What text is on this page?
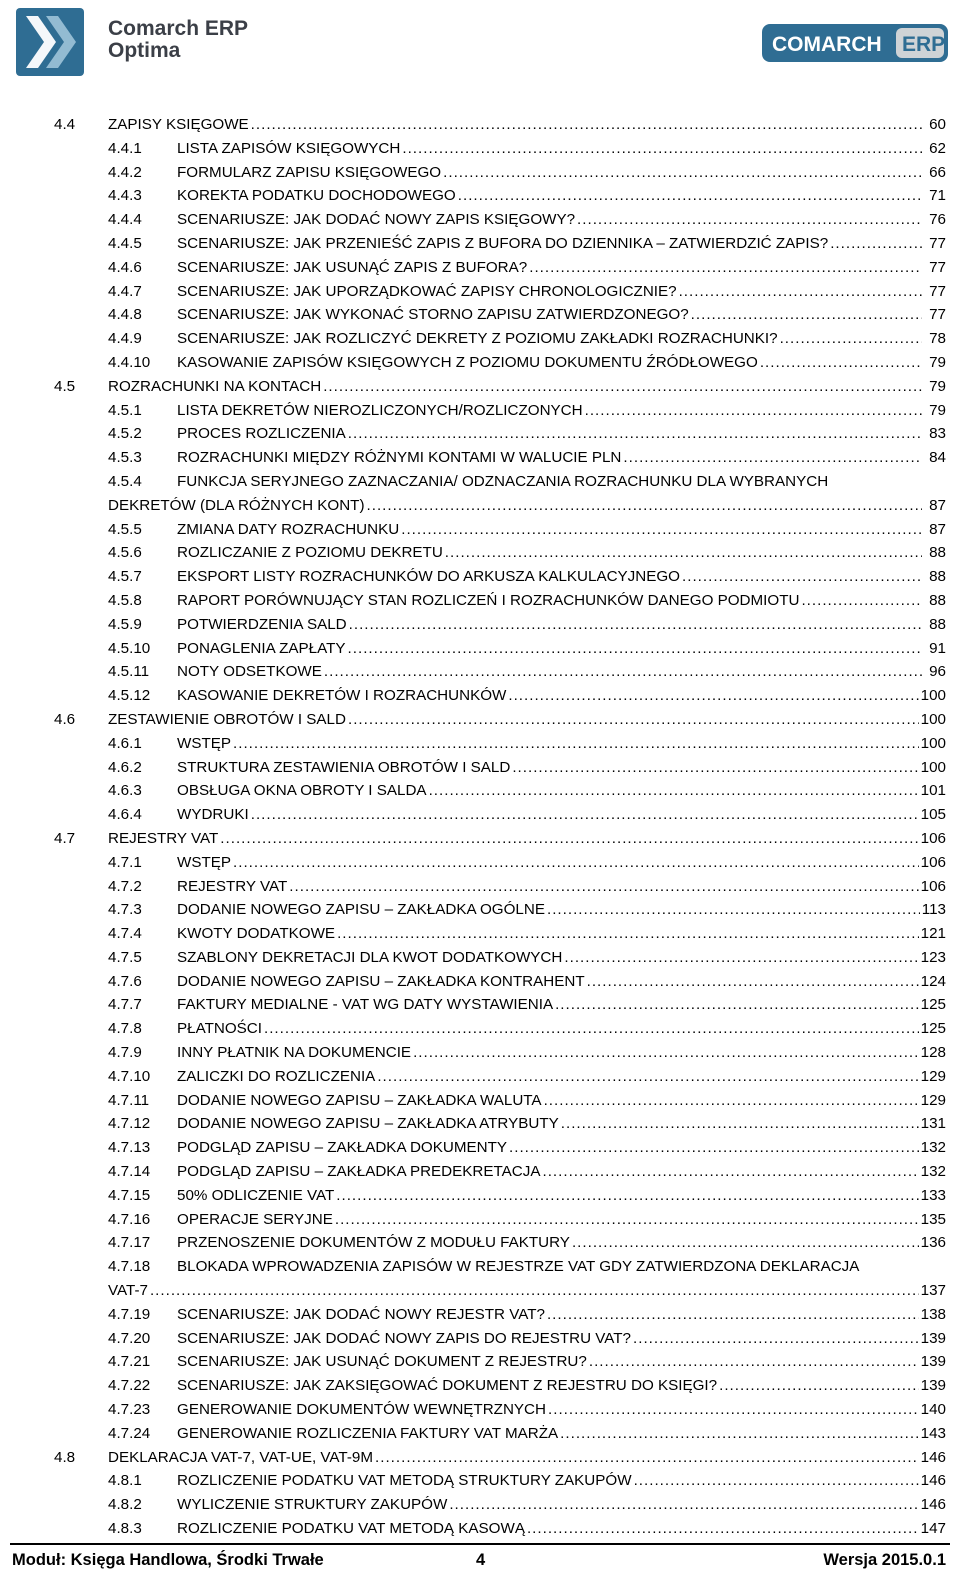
Comarch ERP
Optima	COMARCH ERP
4.4 ZAPISY KSIĘGOWE .....	60
4.4.1 LISTA ZAPISÓW KSIĘGOWYCH .....	62
4.4.2 FORMULARZ ZAPISU KSIĘGOWEGO .....	66
4.4.3 KOREKTA PODATKU DOCHODOWEGO .....	71
4.4.4 SCENARIUSZE: JAK DODAĆ NOWY ZAPIS KSIĘGOWY? .....	76
4.4.5 SCENARIUSZE: JAK PRZENIEŚĆ ZAPIS Z BUFORA DO DZIENNIKA – ZATWIERDZIĆ ZAPIS? .....	77
4.4.6 SCENARIUSZE: JAK USUNĄĆ ZAPIS Z BUFORA? .....	77
4.4.7 SCENARIUSZE: JAK UPORZĄDKOWAĆ ZAPISY CHRONOLOGICZNIE? .....	77
4.4.8 SCENARIUSZE: JAK WYKONAĆ STORNO ZAPISU ZATWIERDZONEGO? .....	77
4.4.9 SCENARIUSZE: JAK ROZLICZYĆ DEKRETY Z POZIOMU ZAKŁADKI ROZRACHUNKI? .....	78
4.4.10 KASOWANIE ZAPISÓW KSIĘGOWYCH Z POZIOMU DOKUMENTU ŹRÓDŁOWEGO .....	79
4.5 ROZRACHUNKI NA KONTACH .....	79
4.5.1 LISTA DEKRETÓW NIEROZLICZONYCH/ROZLICZONYCH .....	79
4.5.2 PROCES ROZLICZENIA .....	83
4.5.3 ROZRACHUNKI MIĘDZY RÓŻNYMI KONTAMI W WALUCIE PLN .....	84
4.5.4 FUNKCJA SERYJNEGO ZAZNACZANIA/ ODZNACZANIA ROZRACHUNKU DLA WYBRANYCH
DEKRETÓW (DLA RÓŻNYCH KONT) .....	87
4.5.5 ZMIANA DATY ROZRACHUNKU .....	87
4.5.6 ROZLICZANIE Z POZIOMU DEKRETU .....	88
4.5.7 EKSPORT LISTY ROZRACHUNKÓW DO ARKUSZA KALKULACYJNEGO .....	88
4.5.8 RAPORT PORÓWNUJĄCY STAN ROZLICZEŃ I ROZRACHUNKÓW DANEGO PODMIOTU .....	88
4.5.9 POTWIERDZENIA SALD .....	88
4.5.10 PONAGLENIA ZAPŁATY .....	91
4.5.11 NOTY ODSETKOWE .....	96
4.5.12 KASOWANIE DEKRETÓW I ROZRACHUNKÓW .....	100
4.6 ZESTAWIENIE OBROTÓW I SALD .....	100
4.6.1 WSTĘP .....	100
4.6.2 STRUKTURA ZESTAWIENIA OBROTÓW I SALD .....	100
4.6.3 OBSŁUGA OKNA OBROTY I SALDA .....	101
4.6.4 WYDRUKI .....	105
4.7 REJESTRY VAT .....	106
4.7.1 WSTĘP .....	106
4.7.2 REJESTRY VAT .....	106
4.7.3 DODANIE NOWEGO ZAPISU – ZAKŁADKA OGÓLNE .....	113
4.7.4 KWOTY DODATKOWE .....	121
4.7.5 SZABLONY DEKRETACJI DLA KWOT DODATKOWYCH .....	123
4.7.6 DODANIE NOWEGO ZAPISU – ZAKŁADKA KONTRAHENT .....	124
4.7.7 FAKTURY MEDIALNE - VAT WG DATY WYSTAWIENIA .....	125
4.7.8 PŁATNOŚCI .....	125
4.7.9 INNY PŁATNIK NA DOKUMENCIE .....	128
4.7.10 ZALICZKI DO ROZLICZENIA .....	129
4.7.11 DODANIE NOWEGO ZAPISU – ZAKŁADKA WALUTA .....	129
4.7.12 DODANIE NOWEGO ZAPISU – ZAKŁADKA ATRYBUTY .....	131
4.7.13 PODGLĄD ZAPISU – ZAKŁADKA DOKUMENTY .....	132
4.7.14 PODGLĄD ZAPISU – ZAKŁADKA PREDEKRETACJA .....	132
4.7.15 50% ODLICZENIE VAT .....	133
4.7.16 OPERACJE SERYJNE .....	135
4.7.17 PRZENOSZENIE DOKUMENTÓW Z MODUŁU FAKTURY .....	136
4.7.18 BLOKADA WPROWADZENIA ZAPISÓW W REJESTRZE VAT GDY ZATWIERDZONA DEKLARACJA
VAT-7 .....	137
4.7.19 SCENARIUSZE: JAK DODAĆ NOWY REJESTR VAT? .....	138
4.7.20 SCENARIUSZE: JAK DODAĆ NOWY ZAPIS DO REJESTRU VAT? .....	139
4.7.21 SCENARIUSZE: JAK USUNĄĆ DOKUMENT Z REJESTRU? .....	139
4.7.22 SCENARIUSZE: JAK ZAKSIĘGOWAĆ DOKUMENT Z REJESTRU DO KSIĘGI? .....	139
4.7.23 GENEROWANIE DOKUMENTÓW WEWNĘTRZNYCH .....	140
4.7.24 GENEROWANIE ROZLICZENIA FAKTURY VAT MARŻA .....	143
4.8 DEKLARACJA VAT-7, VAT-UE, VAT-9M .....	146
4.8.1 ROZLICZENIE PODATKU VAT METODĄ STRUKTURY ZAKUPÓW .....	146
4.8.2 WYLICZENIE STRUKTURY ZAKUPÓW .....	146
4.8.3 ROZLICZENIE PODATKU VAT METODĄ KASOWĄ .....	147
Moduł: Księga Handlowa, Środki Trwałe	4	Wersja 2015.0.1
